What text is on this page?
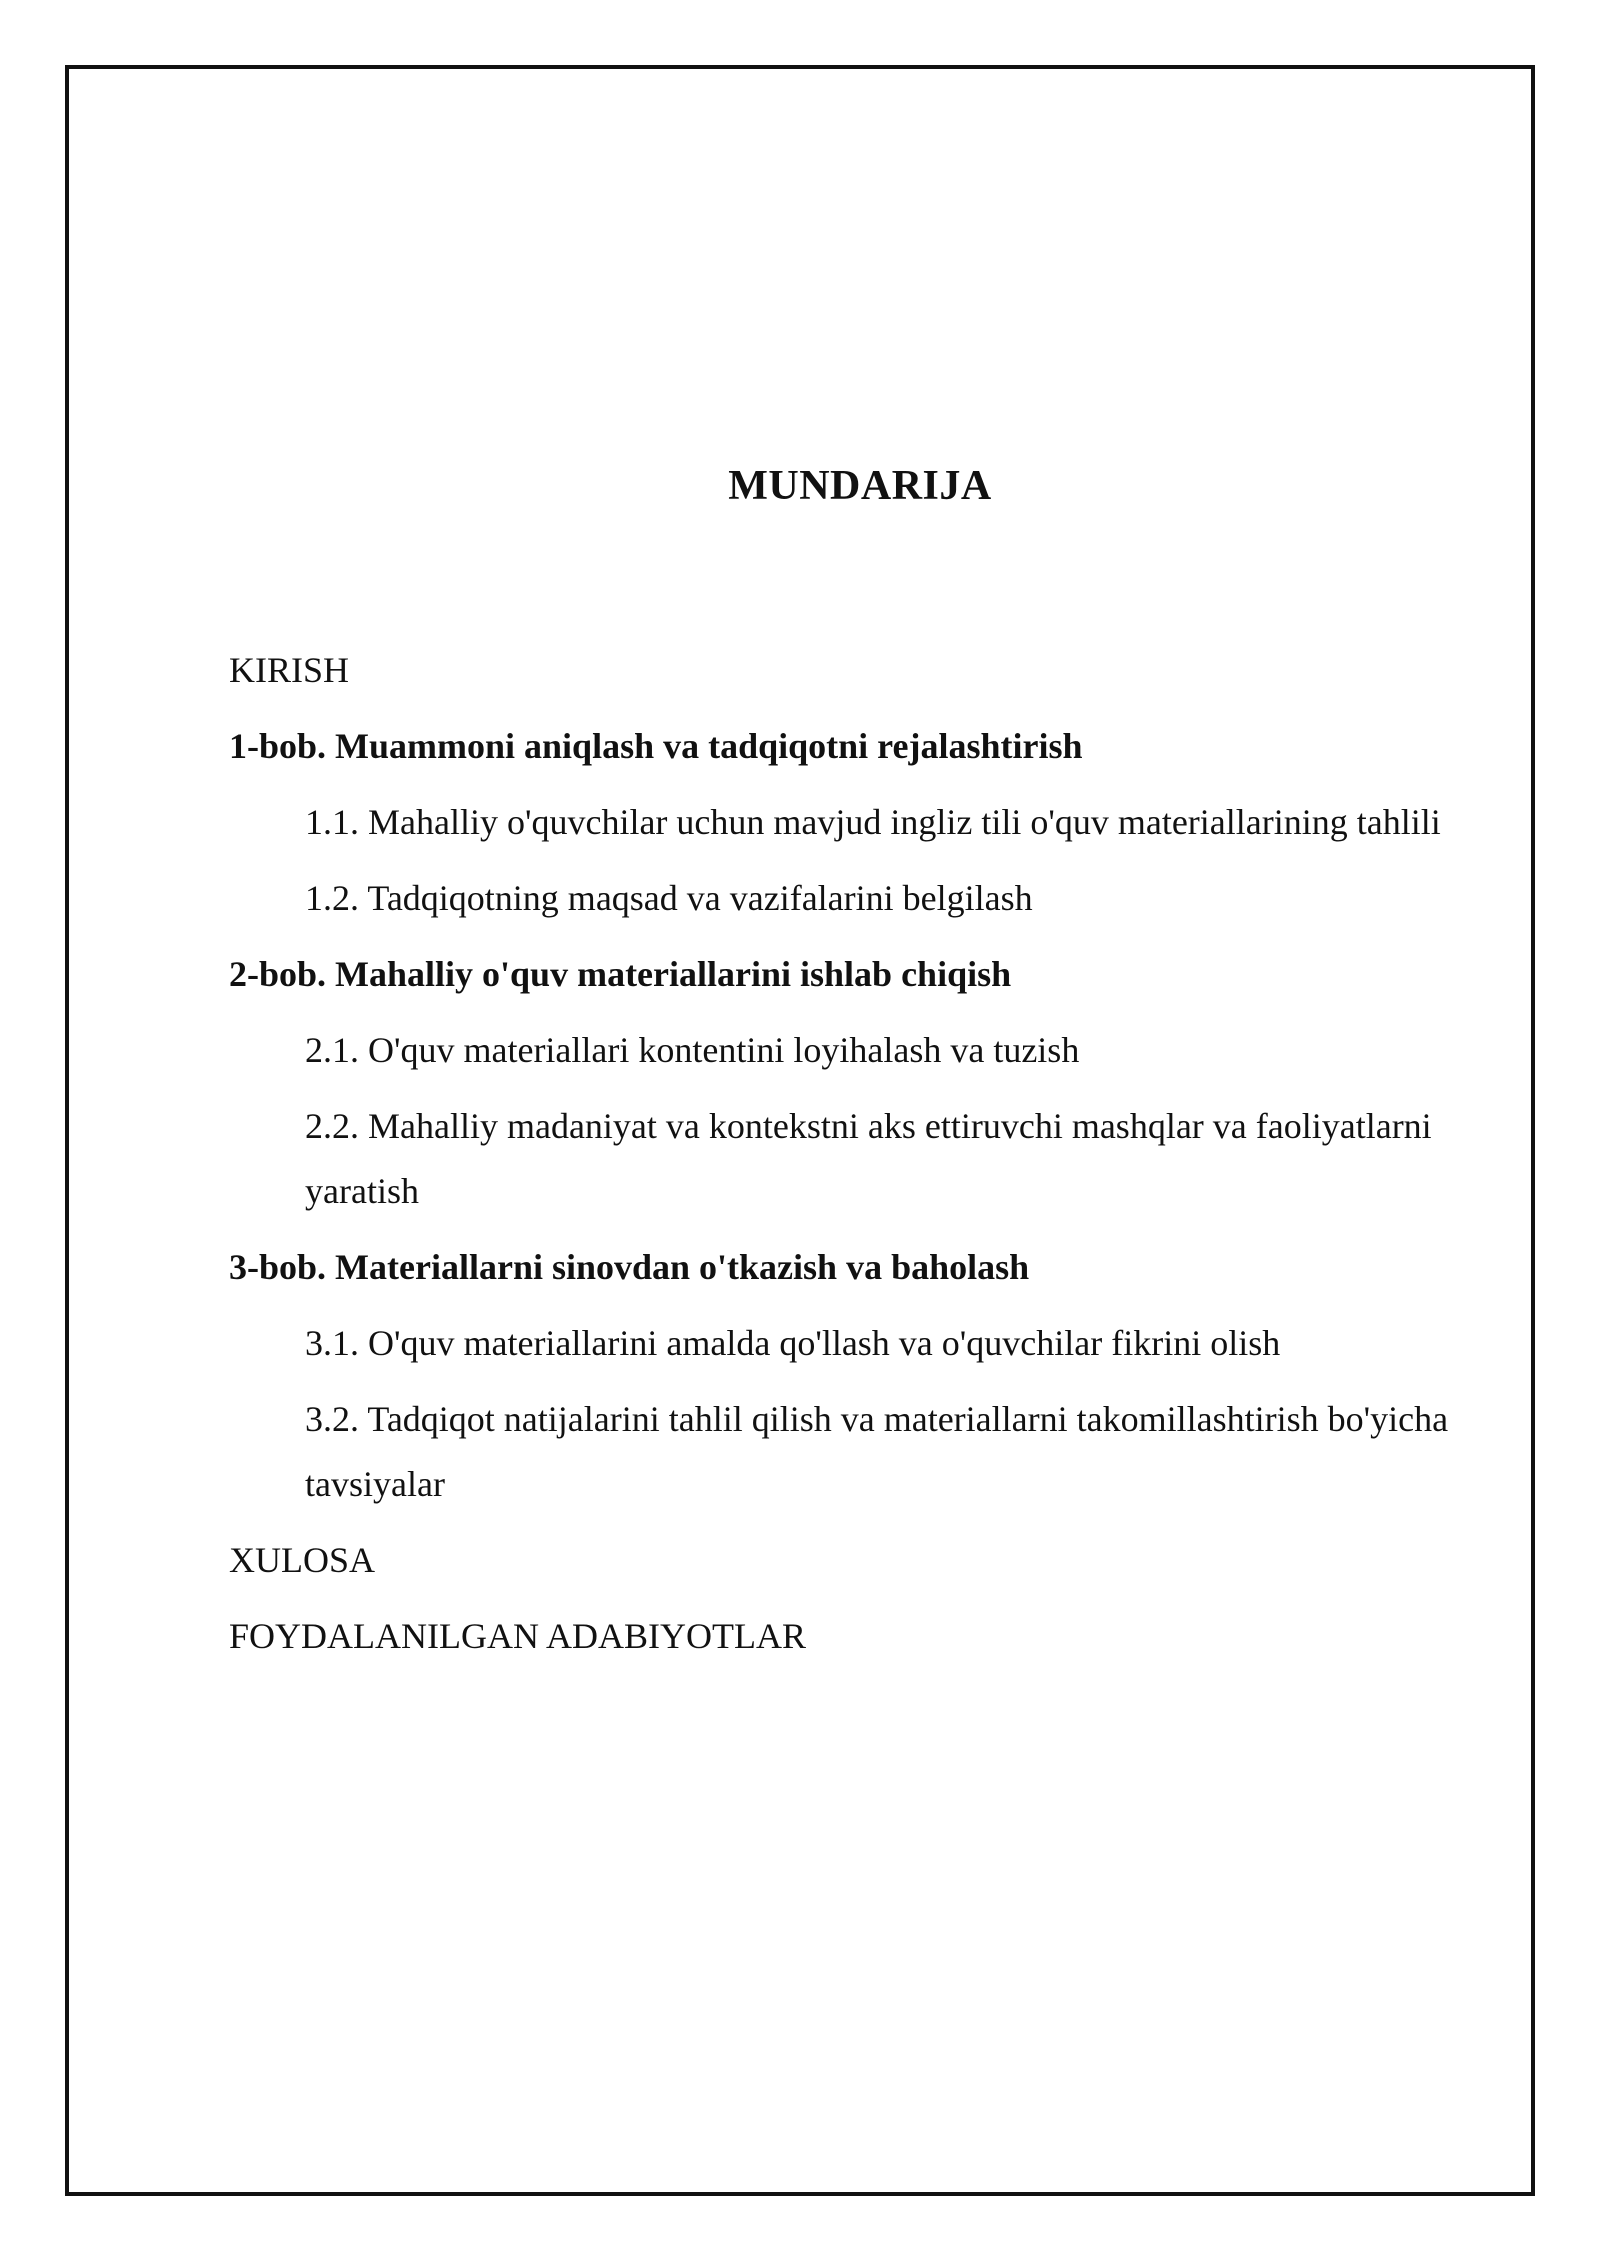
MUNDARIJA
KIRISH
1-bob. Muammoni aniqlash va tadqiqotni rejalashtirish
1.1. Mahalliy o'quvchilar uchun mavjud ingliz tili o'quv materiallarining tahlili
1.2. Tadqiqotning maqsad va vazifalarini belgilash
2-bob. Mahalliy o'quv materiallarini ishlab chiqish
2.1. O'quv materiallari kontentini loyihalash va tuzish
2.2. Mahalliy madaniyat va kontekstni aks ettiruvchi mashqlar va faoliyatlarni yaratish
3-bob. Materiallarni sinovdan o'tkazish va baholash
3.1. O'quv materiallarini amalda qo'llash va o'quvchilar fikrini olish
3.2. Tadqiqot natijalarini tahlil qilish va materiallarni takomillashtirish bo'yicha tavsiyalar
XULOSA
FOYDALANILGAN ADABIYOTLAR
